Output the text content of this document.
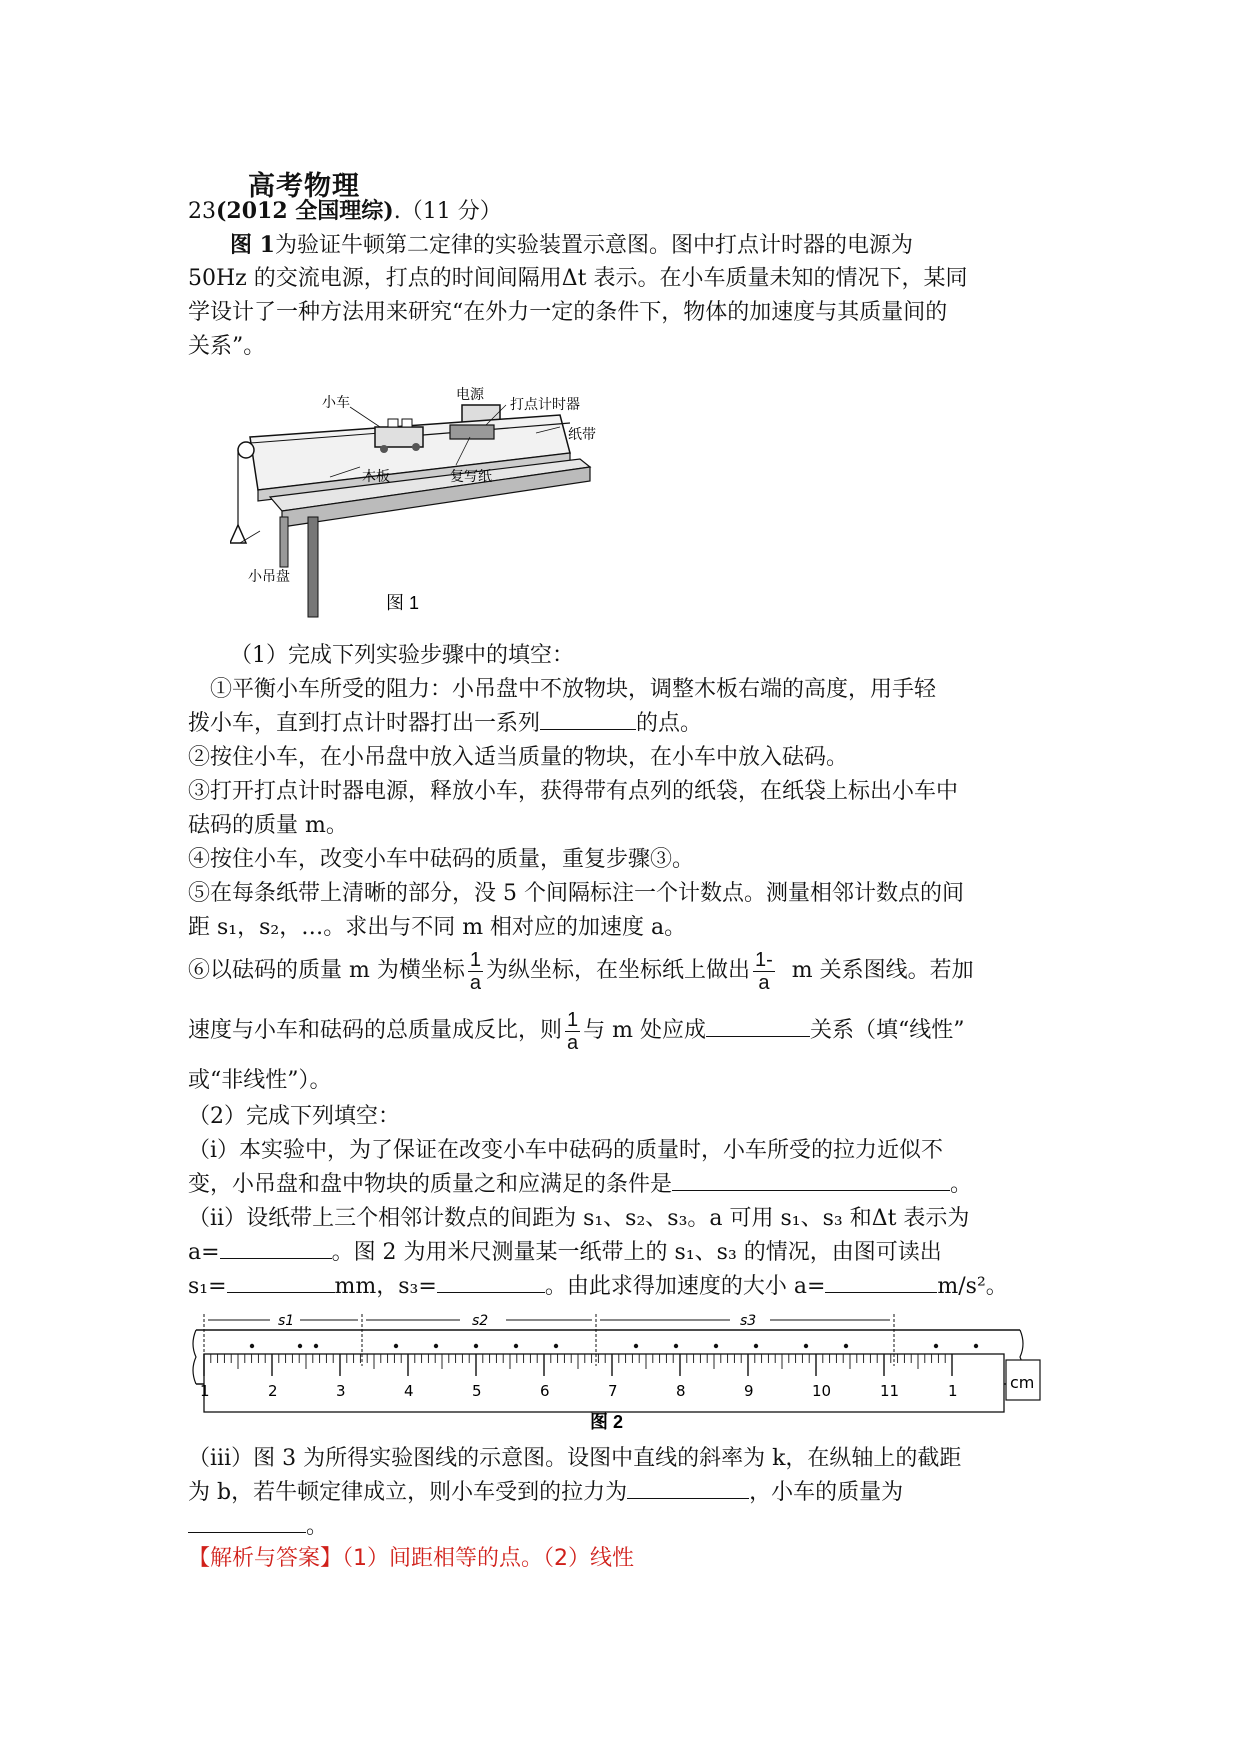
高考物理
23(2012 全国理综).（11 分）
图 1为验证牛顿第二定律的实验装置示意图。图中打点计时器的电源为
50Hz 的交流电源，打点的时间间隔用Δt 表示。在小车质量未知的情况下，某同
学设计了一种方法用来研究“在外力一定的条件下，物体的加速度与其质量间的
关系”。
电源
小车	打点计时器
纸带
木板	复写纸
小吊盘
图 1
（1）完成下列实验步骤中的填空：
①平衡小车所受的阻力：小吊盘中不放物块，调整木板右端的高度，用手轻
拨小车，直到打点计时器打出一系列	的点。
②按住小车，在小吊盘中放入适当质量的物块，在小车中放入砝码。
③打开打点计时器电源，释放小车，获得带有点列的纸袋，在纸袋上标出小车中
砝码的质量 m。
④按住小车，改变小车中砝码的质量，重复步骤③。
⑤在每条纸带上清晰的部分，没 5 个间隔标注一个计数点。测量相邻计数点的间
距 s₁，s₂，…。求出与不同 m 相对应的加速度 a。
⑥以砝码的质量 m 为横坐标 $\frac{1}{a}$ 为纵坐标，在坐标纸上做出 $\frac{1-}{a}$ m 关系图线。若加
速度与小车和砝码的总质量成反比，则 $\frac{1}{a}$ 与 m 处应成	关系（填“线性”
或“非线性”）。
（2）完成下列填空：
（ⅰ）本实验中，为了保证在改变小车中砝码的质量时，小车所受的拉力近似不
变，小吊盘和盘中物块的质量之和应满足的条件是	。
（ⅱ）设纸带上三个相邻计数点的间距为 s₁、s₂、s₃。a 可用 s₁、s₃ 和Δt 表示为
a=	。图 2 为用米尺测量某一纸带上的 s₁、s₃ 的情况，由图可读出
s₁=	mm，s₃=	。由此求得加速度的大小 a=	m/s²。
1	2	3	4	5	6	7	8	9	10	11	1
s1	s2	s3
cm
图 2
（ⅲ）图 3 为所得实验图线的示意图。设图中直线的斜率为 k，在纵轴上的截距
为 b，若牛顿定律成立，则小车受到的拉力为	，小车的质量为
。
【解析与答案】（1）间距相等的点。（2）线性
